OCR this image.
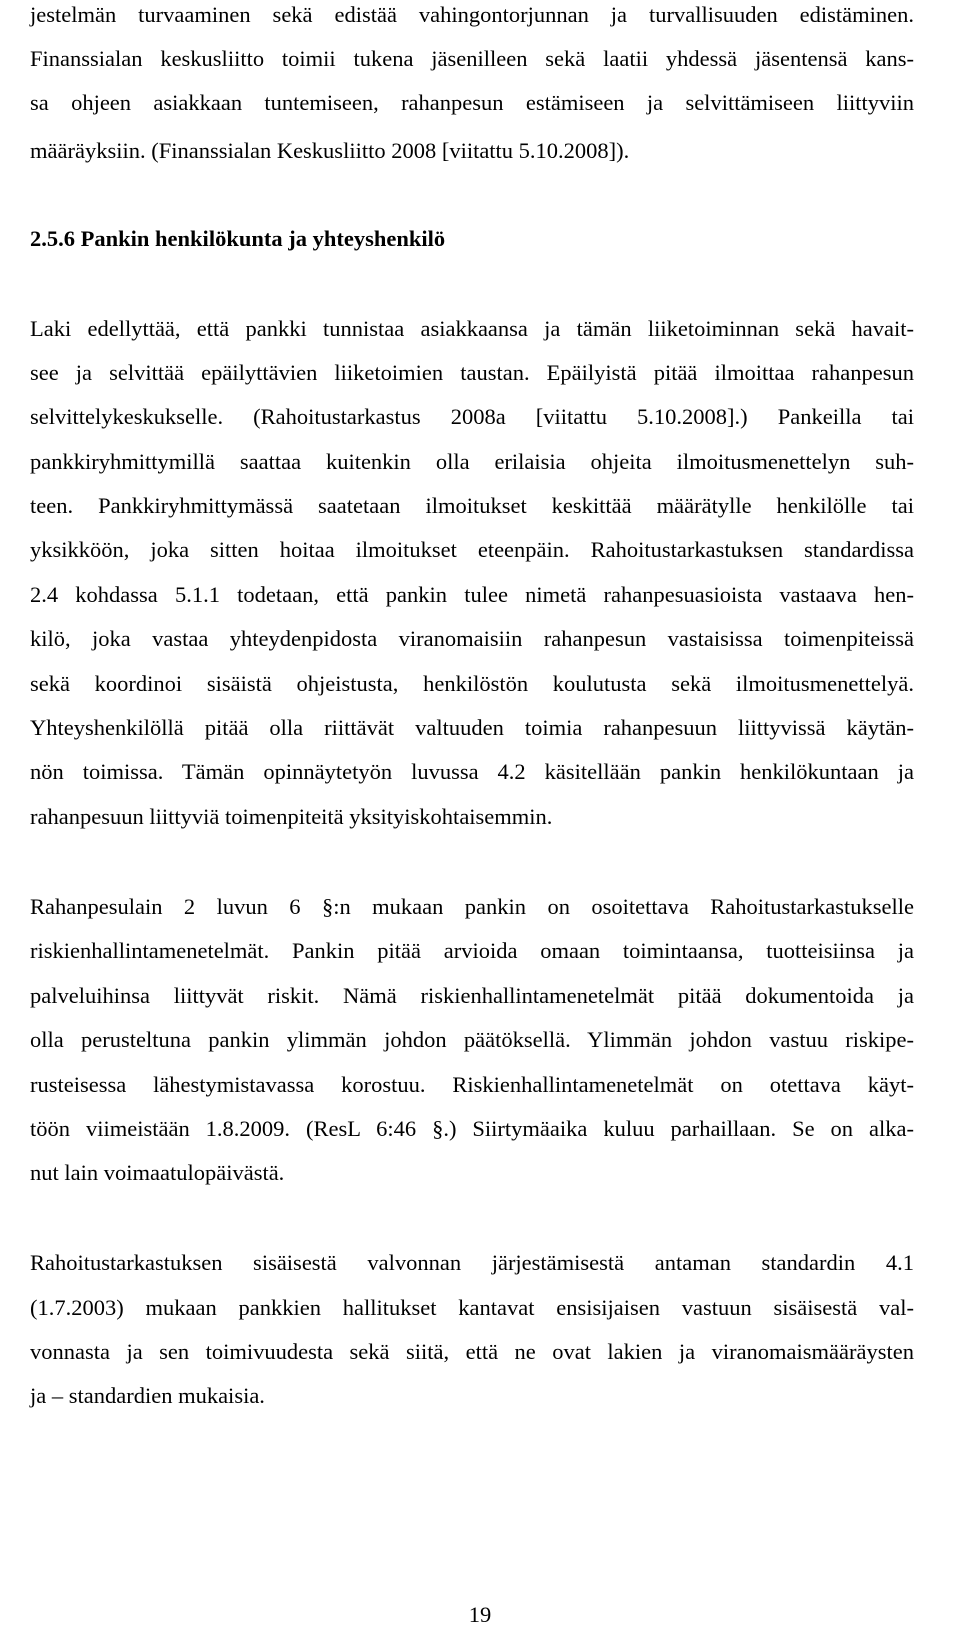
jestelmän turvaaminen sekä edistää vahingontorjunnan ja turvallisuuden edistäminen.
Finanssialan keskusliitto toimii tukena jäsenilleen sekä laatii yhdessä jäsentensä kans-
sa ohjeen asiakkaan tuntemiseen, rahanpesun estämiseen ja selvittämiseen liittyviin
määräyksiin. (Finanssialan Keskusliitto 2008 [viitattu 5.10.2008]).
2.5.6 Pankin henkilökunta ja yhteyshenkilö
Laki edellyttää, että pankki tunnistaa asiakkaansa ja tämän liiketoiminnan sekä havait-
see ja selvittää epäilyttävien liiketoimien taustan. Epäilyistä pitää ilmoittaa rahanpesun
selvittelykeskukselle. (Rahoitustarkastus 2008a [viitattu 5.10.2008].) Pankeilla tai
pankkiryhmittymillä saattaa kuitenkin olla erilaisia ohjeita ilmoitusmenettelyn suh-
teen. Pankkiryhmittymässä saatetaan ilmoitukset keskittää määrätylle henkilölle tai
yksikköön, joka sitten hoitaa ilmoitukset eteenpäin. Rahoitustarkastuksen standardissa
2.4 kohdassa 5.1.1 todetaan, että pankin tulee nimetä rahanpesuasioista vastaava hen-
kilö, joka vastaa yhteydenpidosta viranomaisiin rahanpesun vastaisissa toimenpiteissä
sekä koordinoi sisäistä ohjeistusta, henkilöstön koulutusta sekä ilmoitusmenettelyä.
Yhteyshenkilöllä pitää olla riittävät valtuuden toimia rahanpesuun liittyvissä käytän-
nön toimissa. Tämän opinnäytetyön luvussa 4.2 käsitellään pankin henkilökuntaan ja
rahanpesuun liittyviä toimenpiteitä yksityiskohtaisemmin.
Rahanpesulain 2 luvun 6 §:n mukaan pankin on osoitettava Rahoitustarkastukselle
riskienhallintamenetelmät. Pankin pitää arvioida omaan toimintaansa, tuotteisiinsa ja
palveluihinsa liittyvät riskit. Nämä riskienhallintamenetelmät pitää dokumentoida ja
olla perusteltuna pankin ylimmän johdon päätöksellä. Ylimmän johdon vastuu riskipe-
rusteisessa lähestymistavassa korostuu. Riskienhallintamenetelmät on otettava käyt-
töön viimeistään 1.8.2009. (ResL 6:46 §.) Siirtymäaika kuluu parhaillaan. Se on alka-
nut lain voimaatulopäivästä.
Rahoitustarkastuksen sisäisestä valvonnan järjestämisestä antaman standardin 4.1
(1.7.2003) mukaan pankkien hallitukset kantavat ensisijaisen vastuun sisäisestä val-
vonnasta ja sen toimivuudesta sekä siitä, että ne ovat lakien ja viranomaismääräysten
ja – standardien mukaisia.
19
